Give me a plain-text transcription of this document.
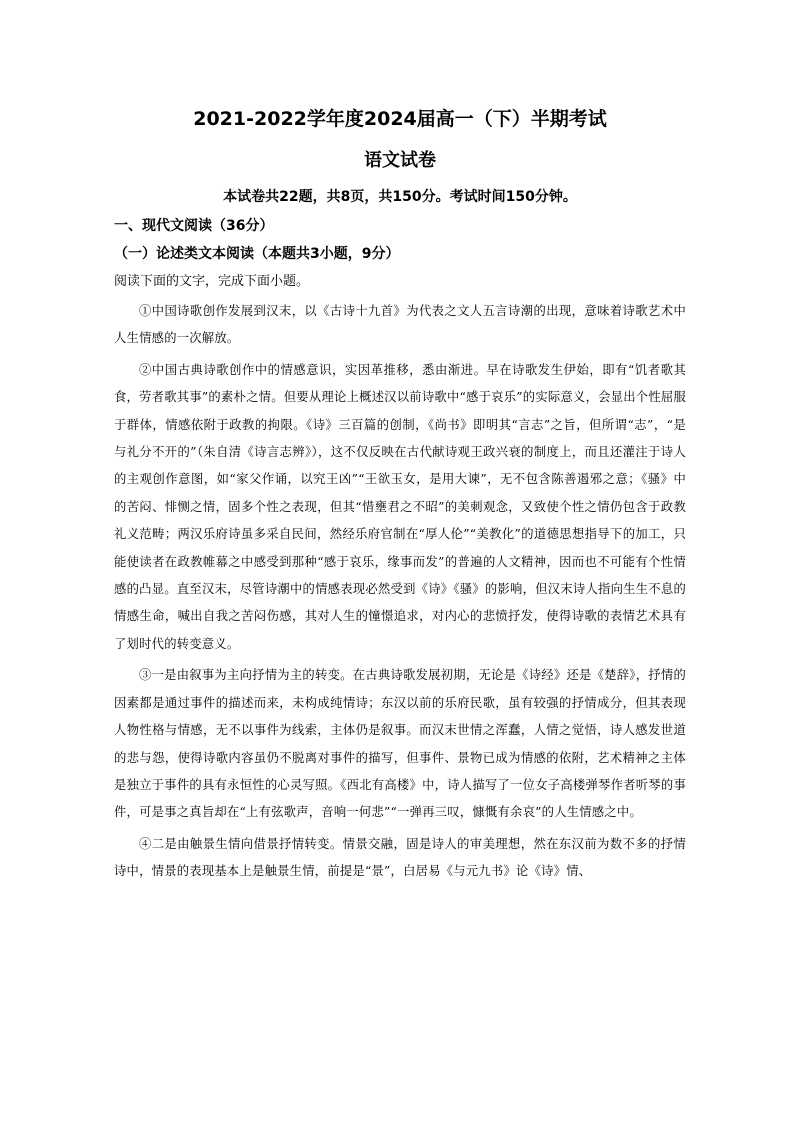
2021-2022学年度2024届高一（下）半期考试
语文试卷
本试卷共22题，共8页，共150分。考试时间150分钟。
一、现代文阅读（36分）
（一）论述类文本阅读（本题共3小题，9分）
阅读下面的文字，完成下面小题。

①中国诗歌创作发展到汉末，以《古诗十九首》为代表之文人五言诗潮的出现，意味着诗歌艺术中人生情感的一次解放。

②中国古典诗歌创作中的情感意识，实因革推移，悉由渐进。早在诗歌发生伊始，即有“饥者歌其食，劳者歌其事”的素朴之情。但要从理论上概述汉以前诗歌中“感于哀乐”的实际意义，会显出个性屈服于群体，情感依附于政教的拘限。《诗》三百篇的创制，《尚书》即明其“言志”之旨，但所谓“志”，“是与礼分不开的”（朱自清《诗言志辨》），这不仅反映在古代献诗观王政兴衰的制度上，而且还灌注于诗人的主观创作意图，如“家父作诵，以究王凶”“王欲玉女，是用大谏”，无不包含陈善遏邪之意；《骚》中的苦闷、悱恻之情，固多个性之表现，但其“惜壅君之不昭”的美刺观念，又致使个性之情仍包含于政教礼义范畴；两汉乐府诗虽多采自民间，然经乐府官制在“厚人伦”“美教化”的道德思想指导下的加工，只能使读者在政教帷幕之中感受到那种“感于哀乐，缘事而发”的普遍的人文精神，因而也不可能有个性情感的凸显。直至汉末，尽管诗潮中的情感表现必然受到《诗》《骚》的影响，但汉末诗人指向生生不息的情感生命，喊出自我之苦闷伤感，其对人生的憧憬追求，对内心的悲愤抒发，使得诗歌的表情艺术具有了划时代的转变意义。

③一是由叙事为主向抒情为主的转变。在古典诗歌发展初期，无论是《诗经》还是《楚辞》，抒情的因素都是通过事件的描述而来，未构成纯情诗；东汉以前的乐府民歌，虽有较强的抒情成分，但其表现人物性格与情感，无不以事件为线索，主体仍是叙事。而汉末世情之浑蠢，人情之觉悟，诗人感发世道的悲与怨，使得诗歌内容虽仍不脱离对事件的描写，但事件、景物已成为情感的依附，艺术精神之主体是独立于事件的具有永恒性的心灵写照。《西北有高楼》中，诗人描写了一位女子高楼弹琴作者听琴的事件，可是事之真旨却在“上有弦歌声，音响一何悲”“一弹再三叹，慷慨有余哀”的人生情感之中。

④二是由触景生情向借景抒情转变。情景交融，固是诗人的审美理想，然在东汉前为数不多的抒情诗中，情景的表现基本上是触景生情，前提是“景”，白居易《与元九书》论《诗》情、
